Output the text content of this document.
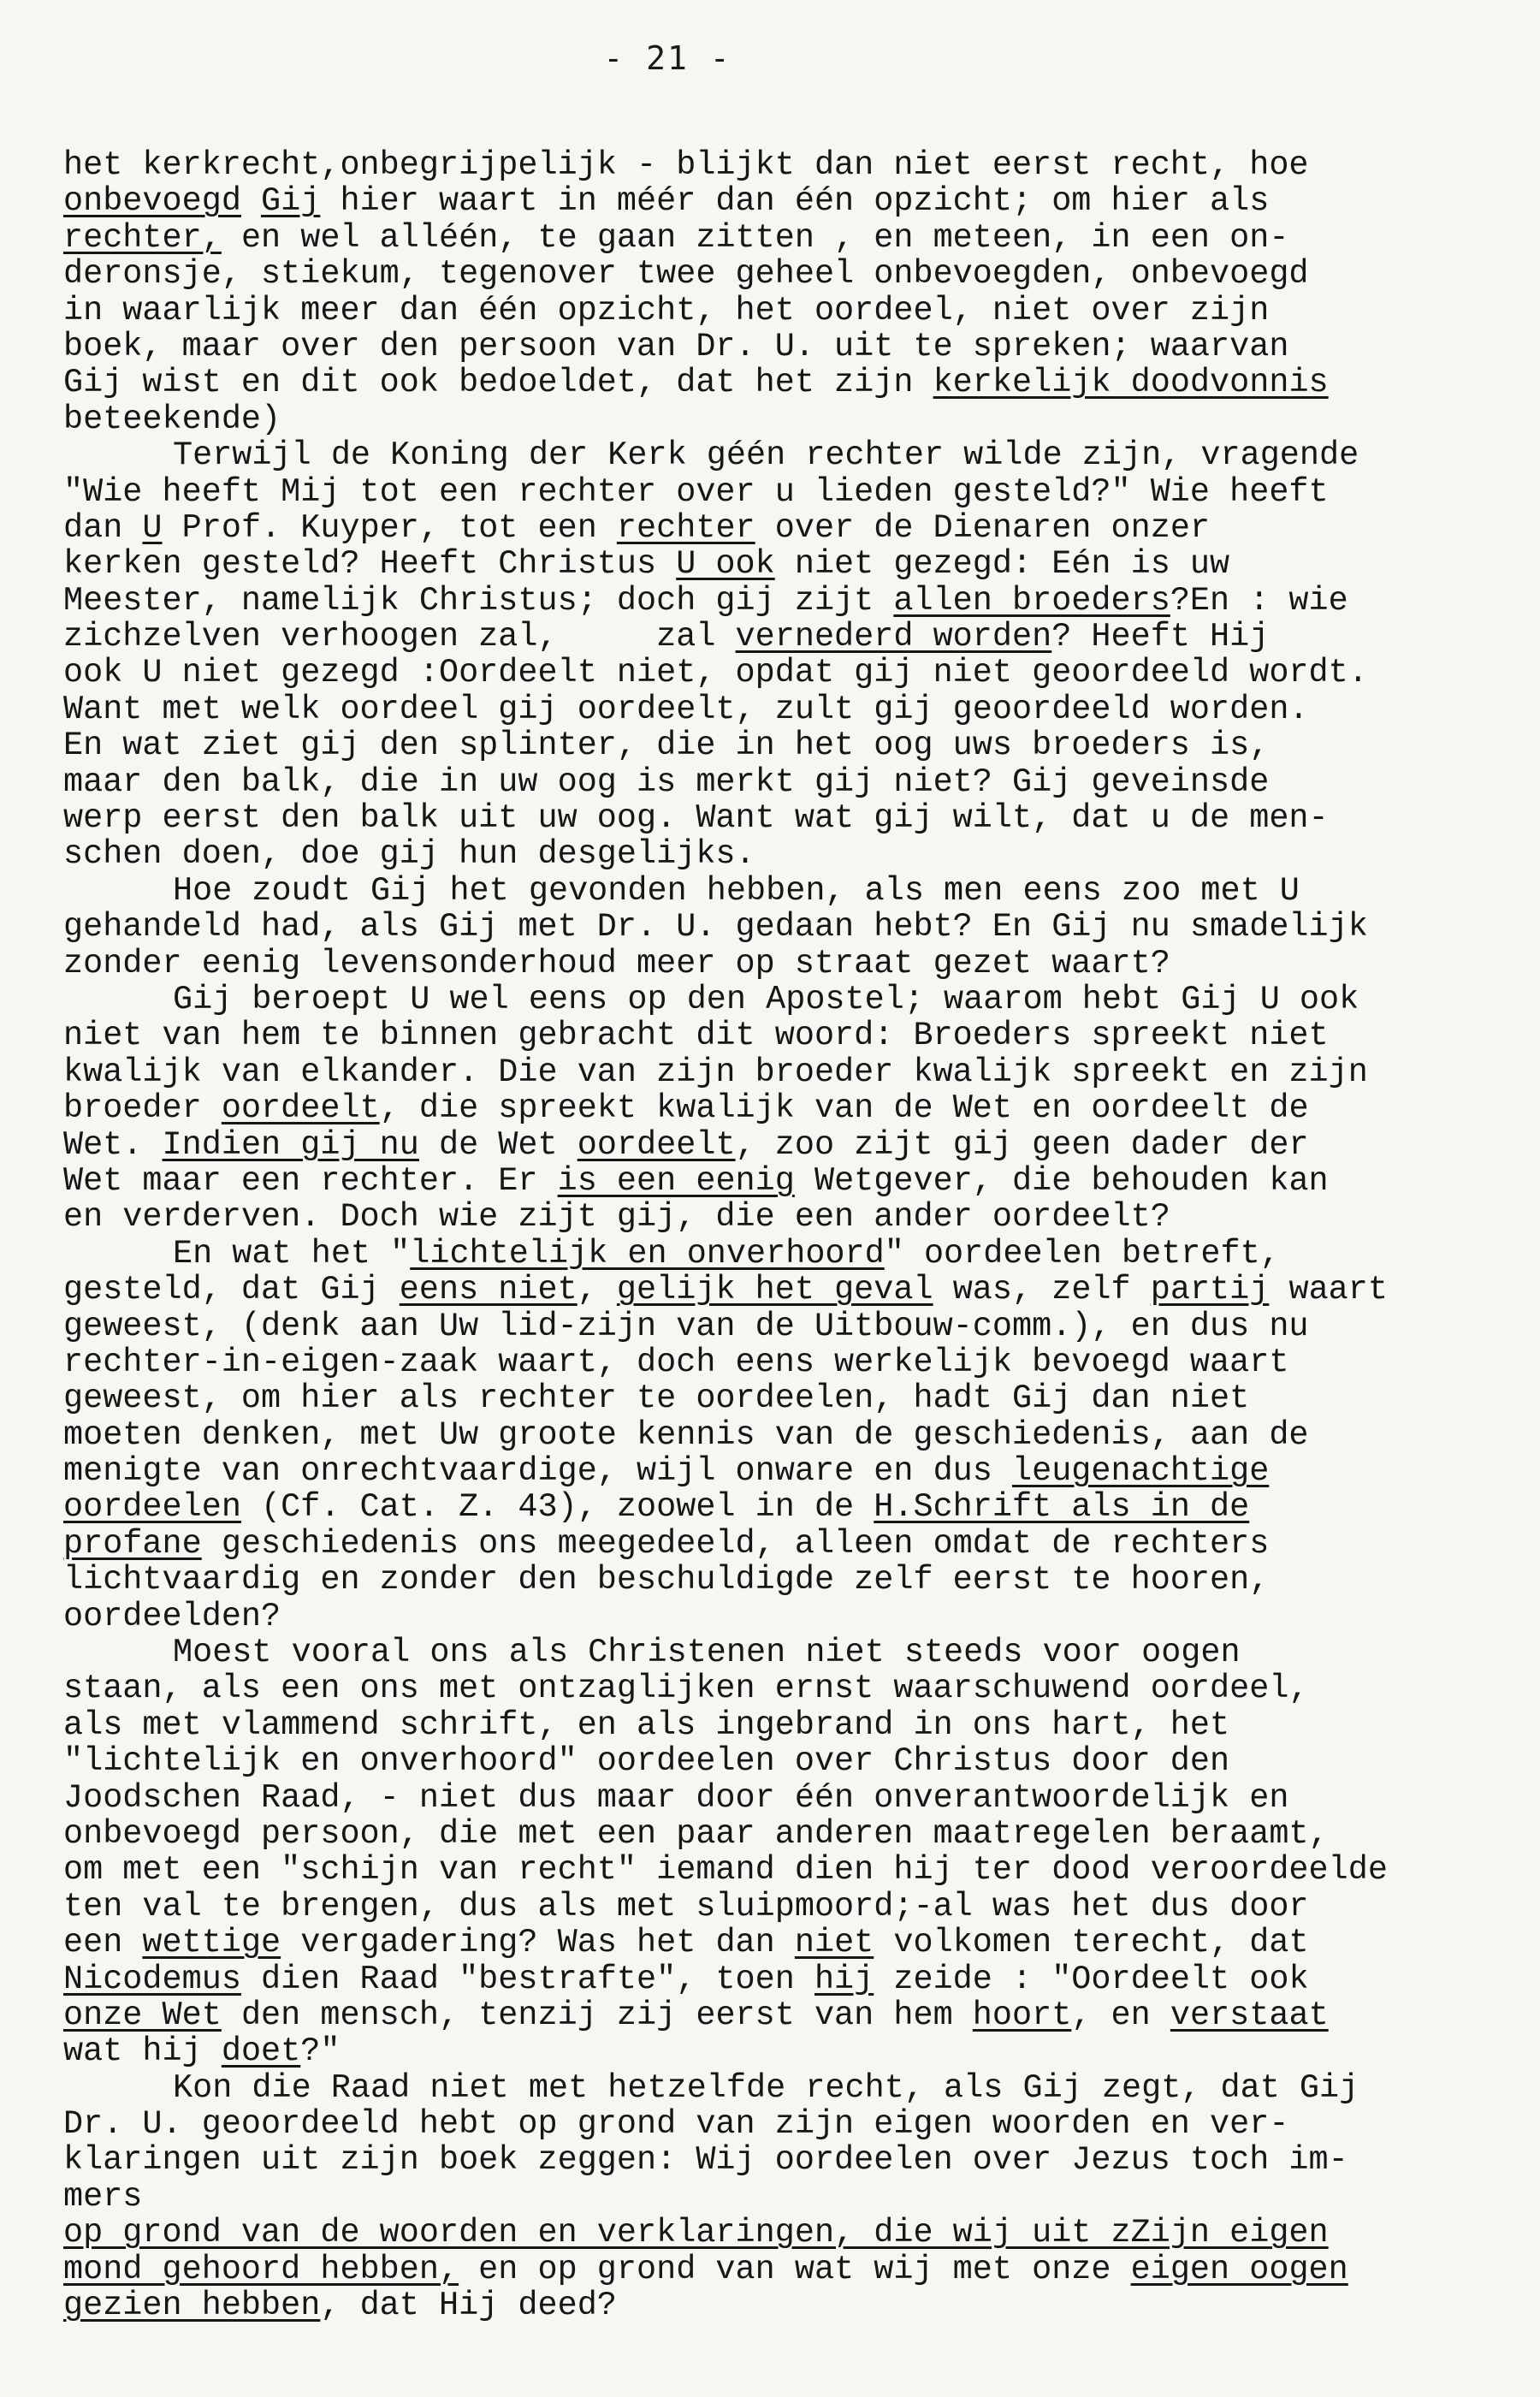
- 21 -
het kerkrecht,onbegrijpelijk - blijkt dan niet eerst recht, hoe
onbevoegd Gij hier waart in méér dan één opzicht; om hier als
rechter, en wel alléén, te gaan zitten , en meteen, in een on-
deronsje, stiekum, tegenover twee geheel onbevoegden, onbevoegd
in waarlijk meer dan één opzicht, het oordeel, niet over zijn
boek, maar over den persoon van Dr. U. uit te spreken; waarvan
Gij wist en dit ook bedoeldet, dat het zijn kerkelijk doodvonnis
beteekende)
Terwijl de Koning der Kerk géén rechter wilde zijn, vragende
"Wie heeft Mij tot een rechter over u lieden gesteld?" Wie heeft
dan U Prof. Kuyper, tot een rechter over de Dienaren onzer
kerken gesteld? Heeft Christus U ook niet gezegd: Eén is uw
Meester, namelijk Christus; doch gij zijt allen broeders?En : wie
zichzelven verhoogen zal,     zal vernederd worden? Heeft Hij
ook U niet gezegd :Oordeelt niet, opdat gij niet geoordeeld wordt.
Want met welk oordeel gij oordeelt, zult gij geoordeeld worden.
En wat ziet gij den splinter, die in het oog uws broeders is,
maar den balk, die in uw oog is merkt gij niet? Gij geveinsde
werp eerst den balk uit uw oog. Want wat gij wilt, dat u de men-
schen doen, doe gij hun desgelijks.
Hoe zoudt Gij het gevonden hebben, als men eens zoo met U
gehandeld had, als Gij met Dr. U. gedaan hebt? En Gij nu smadelijk
zonder eenig levensonderhoud meer op straat gezet waart?
Gij beroept U wel eens op den Apostel; waarom hebt Gij U ook
niet van hem te binnen gebracht dit woord: Broeders spreekt niet
kwalijk van elkander. Die van zijn broeder kwalijk spreekt en zijn
broeder oordeelt, die spreekt kwalijk van de Wet en oordeelt de
Wet. Indien gij nu de Wet oordeelt, zoo zijt gij geen dader der
Wet maar een rechter. Er is een eenig Wetgever, die behouden kan
en verderven. Doch wie zijt gij, die een ander oordeelt?
En wat het "lichtelijk en onverhoord" oordeelen betreft,
gesteld, dat Gij eens niet, gelijk het geval was, zelf partij waart
geweest, (denk aan Uw lid-zijn van de Uitbouw-comm.), en dus nu
rechter-in-eigen-zaak waart, doch eens werkelijk bevoegd waart
geweest, om hier als rechter te oordeelen, hadt Gij dan niet
moeten denken, met Uw groote kennis van de geschiedenis, aan de
menigte van onrechtvaardige, wijl onware en dus leugenachtige
oordeelen (Cf. Cat. Z. 43), zoowel in de H.Schrift als in de
profane geschiedenis ons meegedeeld, alleen omdat de rechters
lichtvaardig en zonder den beschuldigde zelf eerst te hooren,
oordeelden?
Moest vooral ons als Christenen niet steeds voor oogen
staan, als een ons met ontzaglijken ernst waarschuwend oordeel,
als met vlammend schrift, en als ingebrand in ons hart, het
"lichtelijk en onverhoord" oordeelen over Christus door den
Joodschen Raad, - niet dus maar door één onverantwoordelijk en
onbevoegd persoon, die met een paar anderen maatregelen beraamt,
om met een "schijn van recht" iemand dien hij ter dood veroordeelde
ten val te brengen, dus als met sluipmoord;-al was het dus door
een wettige vergadering? Was het dan niet volkomen terecht, dat
Nicodemus dien Raad "bestrafte", toen hij zeide : "Oordeelt ook
onze Wet den mensch, tenzij zij eerst van hem hoort, en verstaat
wat hij doet?"
Kon die Raad niet met hetzelfde recht, als Gij zegt, dat Gij
Dr. U. geoordeeld hebt op grond van zijn eigen woorden en ver-
klaringen uit zijn boek zeggen: Wij oordeelen over Jezus toch im-
mers
op grond van de woorden en verklaringen, die wij uit zZijn eigen
mond gehoord hebben, en op grond van wat wij met onze eigen oogen
gezien hebben, dat Hij deed?
